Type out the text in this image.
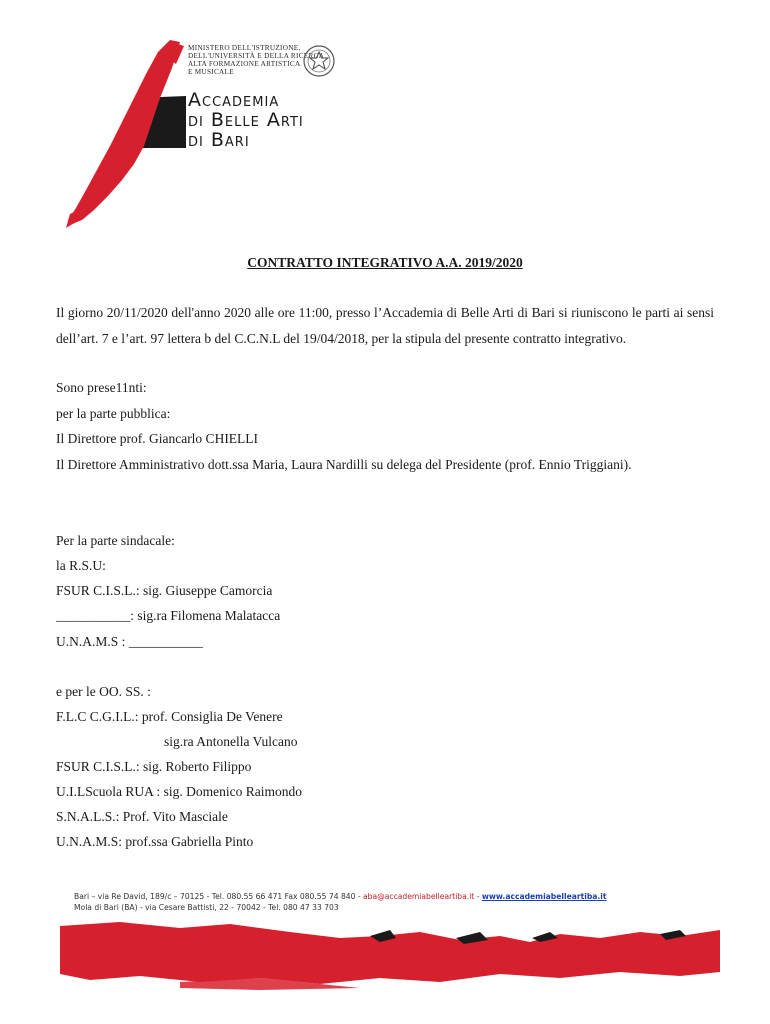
MINISTERO DELL'ISTRUZIONE,
DELL'UNIVERSITÀ E DELLA RICERCA
ALTA FORMAZIONE ARTISTICA
E MUSICALE
Accademia
di Belle Arti
di Bari
CONTRATTO INTEGRATIVO A.A. 2019/2020
Il giorno 20/11/2020 dell'anno 2020 alle ore 11:00, presso l’Accademia di Belle Arti di Bari si riuniscono le parti ai sensi dell’art. 7 e l’art. 97 lettera b del C.C.N.L del 19/04/2018, per la stipula del presente contratto integrativo.
Sono prese11nti:
per la parte pubblica:
Il Direttore prof. Giancarlo CHIELLI
Il Direttore Amministrativo dott.ssa Maria, Laura Nardilli su delega del Presidente (prof. Ennio Triggiani).
Per la parte sindacale:
la R.S.U:
FSUR C.I.S.L.: sig. Giuseppe Camorcia
___________: sig.ra Filomena Malatacca
U.N.A.M.S : ___________
e per le OO. SS. :
F.L.C C.G.I.L.: prof. Consiglia De Venere
sig.ra Antonella Vulcano
FSUR C.I.S.L.: sig. Roberto Filippo
U.I.LScuola RUA : sig. Domenico Raimondo
S.N.A.L.S.: Prof. Vito Masciale
U.N.A.M.S: prof.ssa Gabriella Pinto
Bari – via Re David, 189/c – 70125 - Tel. 080.55 66 471 Fax 080.55 74 840 - aba@accademiabelleartiba.it - www.accademiabelleartiba.it
Mola di Bari (BA) - via Cesare Battisti, 22 - 70042 - Tel. 080 47 33 703
